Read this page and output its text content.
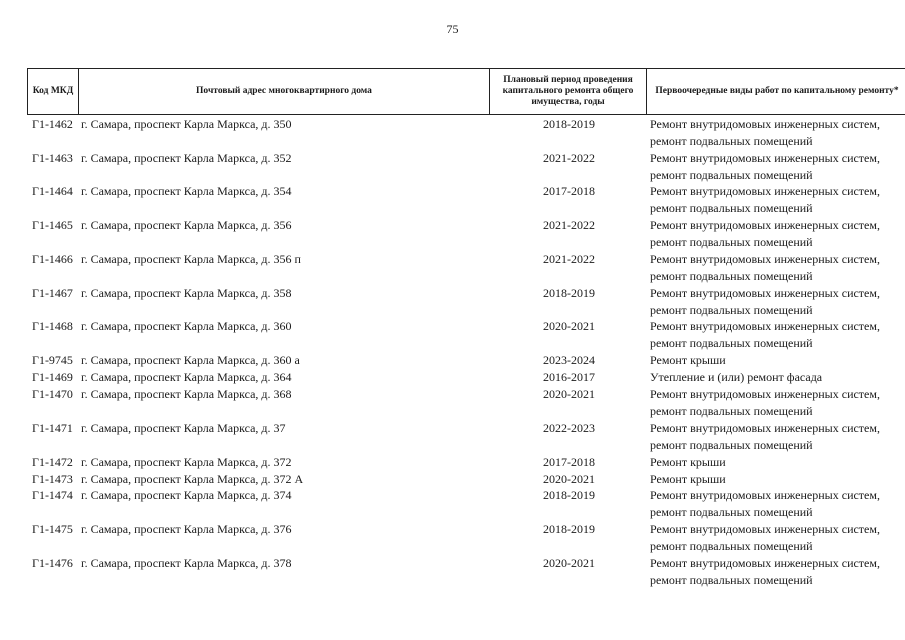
75
Код МКД	Почтовый адрес многоквартирного дома
Плановый период проведения капитального ремонта общего имущества, годы
Первоочередные виды работ по капитальному ремонту*
Г1-1462 г. Самара, проспект Карла Маркса, д. 350	2018-2019	Ремонт внутридомовых инженерных систем,
ремонт подвальных помещений
Г1-1463 г. Самара, проспект Карла Маркса, д. 352	2021-2022	Ремонт внутридомовых инженерных систем,
ремонт подвальных помещений
Г1-1464 г. Самара, проспект Карла Маркса, д. 354	2017-2018	Ремонт внутридомовых инженерных систем,
ремонт подвальных помещений
Г1-1465 г. Самара, проспект Карла Маркса, д. 356	2021-2022	Ремонт внутридомовых инженерных систем,
ремонт подвальных помещений
Г1-1466 г. Самара, проспект Карла Маркса, д. 356 п	2021-2022	Ремонт внутридомовых инженерных систем,
ремонт подвальных помещений
Г1-1467 г. Самара, проспект Карла Маркса, д. 358	2018-2019	Ремонт внутридомовых инженерных систем,
ремонт подвальных помещений
Г1-1468 г. Самара, проспект Карла Маркса, д. 360	2020-2021	Ремонт внутридомовых инженерных систем,
ремонт подвальных помещений
Г1-9745 г. Самара, проспект Карла Маркса, д. 360 а	2023-2024	Ремонт крыши
Г1-1469 г. Самара, проспект Карла Маркса, д. 364	2016-2017	Утепление и (или) ремонт фасада
Г1-1470 г. Самара, проспект Карла Маркса, д. 368	2020-2021	Ремонт внутридомовых инженерных систем,
ремонт подвальных помещений
Г1-1471 г. Самара, проспект Карла Маркса, д. 37	2022-2023	Ремонт внутридомовых инженерных систем,
ремонт подвальных помещений
Г1-1472 г. Самара, проспект Карла Маркса, д. 372	2017-2018	Ремонт крыши
Г1-1473 г. Самара, проспект Карла Маркса, д. 372 А	2020-2021	Ремонт крыши
Г1-1474 г. Самара, проспект Карла Маркса, д. 374	2018-2019	Ремонт внутридомовых инженерных систем,
ремонт подвальных помещений
Г1-1475 г. Самара, проспект Карла Маркса, д. 376	2018-2019	Ремонт внутридомовых инженерных систем,
ремонт подвальных помещений
Г1-1476 г. Самара, проспект Карла Маркса, д. 378	2020-2021	Ремонт внутридомовых инженерных систем,
ремонт подвальных помещений
